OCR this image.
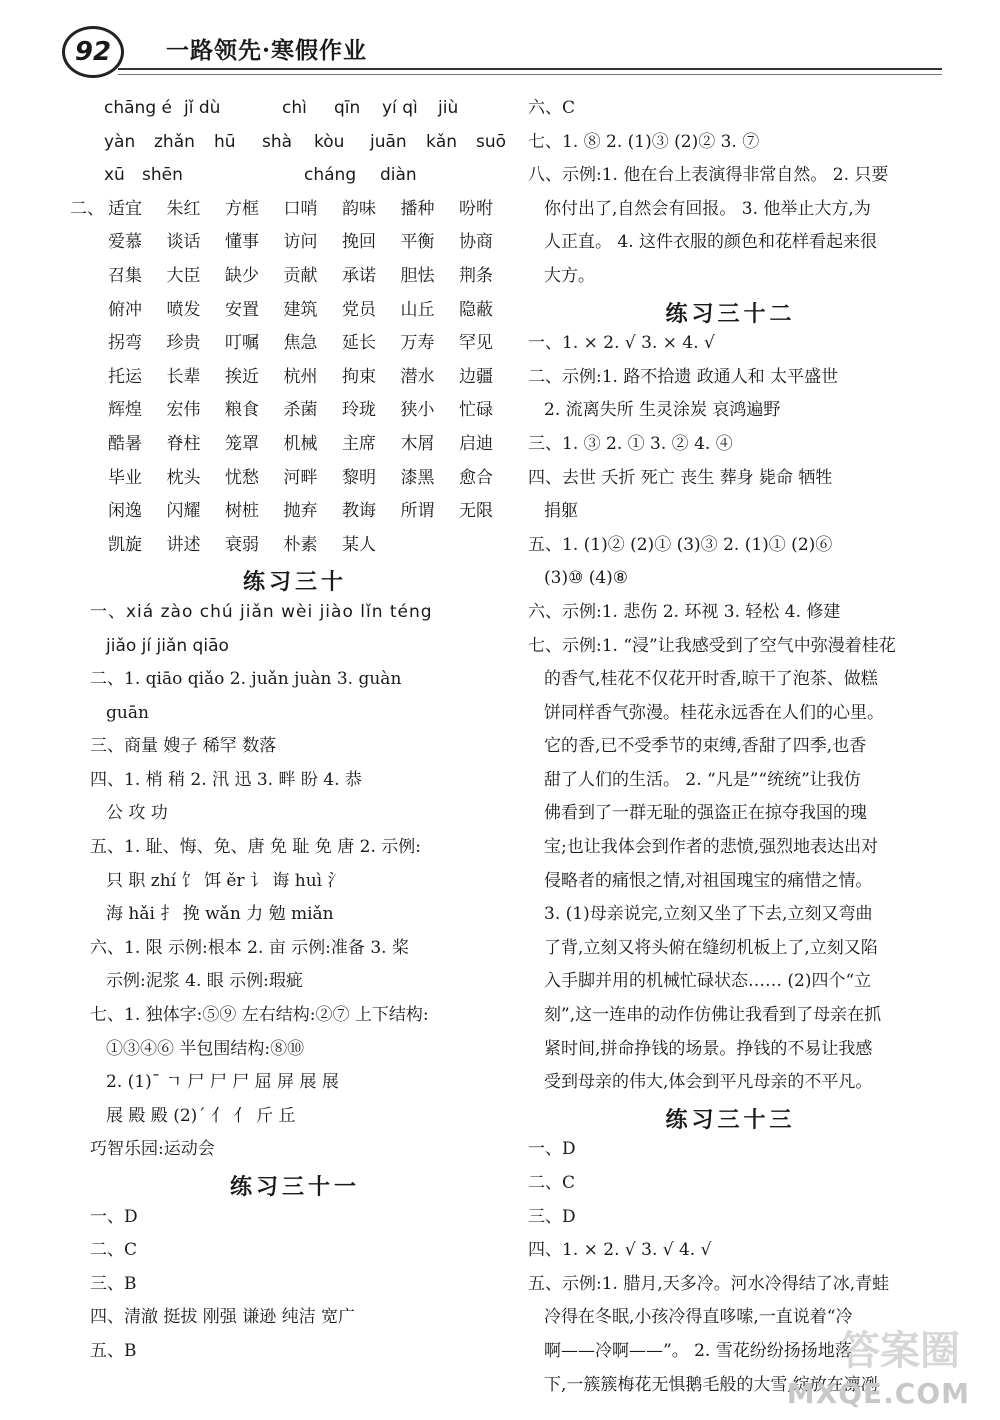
92	一路领先·寒假作业
chāng é jǐ dù	chì	qīn	yí qì	jiù
yàn	zhǎn	hū	shà	kòu	juān	kǎn	suō
xū	shēn	cháng	diàn
二、 适宜	朱红	方框	口哨	韵味	播种	吩咐
爱慕	谈话	懂事	访问	挽回	平衡	协商
召集	大臣	缺少	贡献	承诺	胆怯	荆条
俯冲	喷发	安置	建筑	党员	山丘	隐蔽
拐弯	珍贵	叮嘱	焦急	延长	万寿	罕见
托运	长辈	挨近	杭州	拘束	潜水	边疆
辉煌	宏伟	粮食	杀菌	玲珑	狭小	忙碌
酷暑	脊柱	笼罩	机械	主席	木屑	启迪
毕业	枕头	忧愁	河畔	黎明	漆黑	愈合
闲逸	闪耀	树桩	抛弃	教诲	所谓	无限
凯旋	讲述	衰弱	朴素	某人
练习三十
一、xiá zào chú jiǎn wèi jiào lǐn téng
jiǎo jí jiǎn qiāo
二、1. qiāo qiǎo 2. juǎn juàn 3. guàn
guān
三、商量 嫂子 稀罕 数落
四、1. 梢 稍 2. 汛 迅 3. 畔 盼 4. 恭
公 攻 功
五、1. 耻、悔、免、唐 免 耻 免 唐 2. 示例:
只 职 zhí 饣 饵 ěr 讠 诲 huì 氵
海 hǎi 扌 挽 wǎn 力 勉 miǎn
六、1. 限 示例:根本 2. 亩 示例:准备 3. 桨
示例:泥浆 4. 眼 示例:瑕疵
七、1. 独体字:⑤⑨ 左右结构:②⑦ 上下结构:
①③④⑥ 半包围结构:⑧⑩
2. (1)ˉ ㄱ 尸 尸 尸 屈 屏 展 展
展 殿 殿 (2)ˊ 亻 亻 斤 丘
巧智乐园:运动会
练习三十一
一、D
二、C
三、B
四、清澈 挺拔 刚强 谦逊 纯洁 宽广
五、B
六、C
七、1. ⑧ 2. (1)③ (2)② 3. ⑦
八、示例:1. 他在台上表演得非常自然。 2. 只要
你付出了,自然会有回报。 3. 他举止大方,为
人正直。 4. 这件衣服的颜色和花样看起来很
大方。
练习三十二
一、1. × 2. √ 3. × 4. √
二、示例:1. 路不拾遗 政通人和 太平盛世
2. 流离失所 生灵涂炭 哀鸿遍野
三、1. ③ 2. ① 3. ② 4. ④
四、去世 夭折 死亡 丧生 葬身 毙命 牺牲
捐躯
五、1. (1)② (2)① (3)③ 2. (1)① (2)⑥
(3)⑩ (4)⑧
六、示例:1. 悲伤 2. 环视 3. 轻松 4. 修建
七、示例:1. “浸”让我感受到了空气中弥漫着桂花
的香气,桂花不仅花开时香,晾干了泡茶、做糕
饼同样香气弥漫。桂花永远香在人们的心里。
它的香,已不受季节的束缚,香甜了四季,也香
甜了人们的生活。 2. “凡是”“统统”让我仿
佛看到了一群无耻的强盗正在掠夺我国的瑰
宝;也让我体会到作者的悲愤,强烈地表达出对
侵略者的痛恨之情,对祖国瑰宝的痛惜之情。
3. (1)母亲说完,立刻又坐了下去,立刻又弯曲
了背,立刻又将头俯在缝纫机板上了,立刻又陷
入手脚并用的机械忙碌状态…… (2)四个“立
刻”,这一连串的动作仿佛让我看到了母亲在抓
紧时间,拼命挣钱的场景。挣钱的不易让我感
受到母亲的伟大,体会到平凡母亲的不平凡。
练习三十三
一、D
二、C
三、D
四、1. × 2. √ 3. √ 4. √
五、示例:1. 腊月,天多冷。河水冷得结了冰,青蛙
冷得在冬眠,小孩冷得直哆嗦,一直说着“冷
啊——冷啊——”。 2. 雪花纷纷扬扬地落
下,一簇簇梅花无惧鹅毛般的大雪,绽放在凛冽
答案圈
MXQE.COM
